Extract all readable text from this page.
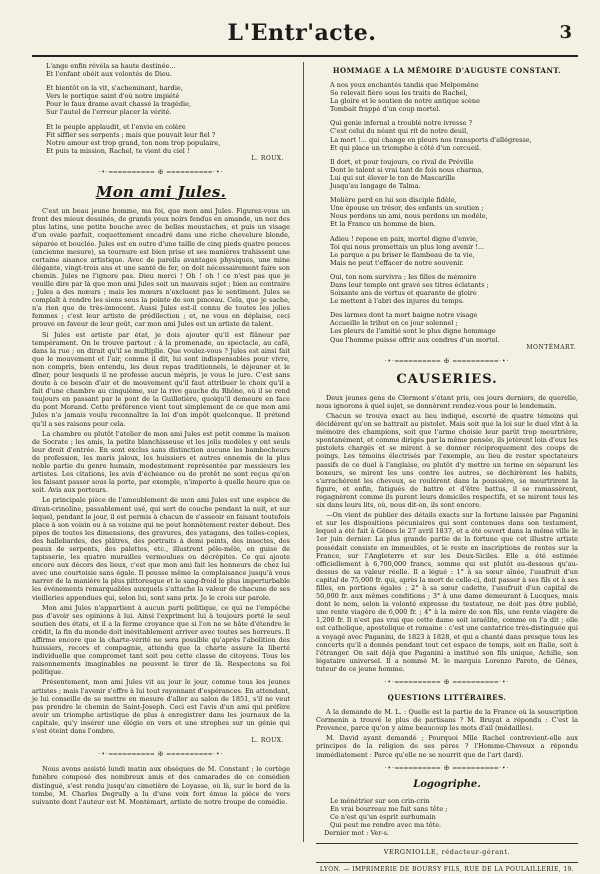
L'Entr'acte.	3
L'ange enfin révéla sa haute destinée...
Et l'enfant obéit aux volontés de Dieu.
Et bientôt on la vit, s'acheminant, hardie,
Vers le portique saint d'où notre impiété
Pour le faux drame avait chassé la tragédie,
Sur l'autel de l'erreur placer la vérité.
Et le peuple applaudit, et l'envie en colère
Fit siffler ses serpents ; mais que pouvait leur fiel ?
Notre amour est trop grand, ton nom trop populaire,
Et puis ta mission, Rachel, te vient du ciel !
L. ROUX.
·•·══════════ ✠ ══════════·•·
Mon ami Jules.

C'est un beau jeune homme, ma foi, que mon ami Jules. Figurez-vous un front des mieux dessinés, de grands yeux noirs fendus en amande, un nez des plus latins, une petite bouche avec de belles moustaches, et puis un visage d'un ovale parfait, coquettement encadré dans une riche chevelure blonde, séparée et bouclée. Jules est en outre d'une taille de cinq pieds quatre pouces (ancienne mesure), sa tournure est bien prise et ses manières trahissent une certaine aisance artistique. Avec de pareils avantages physiques, une mine élégante, vingt-trois ans et une santé de fer, on doit nécessairement faire son chemin. Jules ne l'ignore pas. Dieu merci ! Oh ! oh ! ce n'est pas que je veuille dire par là que mon ami Jules soit un mauvais sujet ; bien au contraire ; Jules a des mœurs ; mais les mœurs n'excluent pas le sentiment. Jules se complaît à rendre les siens sous la pointe de son pinceau. Cela, que je sache, n'a rien que de très-innocent. Aussi Jules est-il connu de toutes les jolies femmes ; c'est leur artiste de prédilection ; et, ne vous en déplaise, ceci prouve en faveur de leur goût, car mon ami Jules est un artiste de talent.

Si Jules est artiste par état, je dois ajouter qu'il est flâneur par tempérament. On le trouve partout : à la promenade, au spectacle, au café, dans la rue ; on dirait qu'il se multiplie. Que voulez-vous ? Jules est ainsi fait que le mouvement et l'air, comme il dit, lui sont indispensables pour vivre, non compris, bien entendu, les deux repas traditionnels, le déjeuner et le dîner, pour lesquels il ne professe aucun mépris, je vous le jure. C'est sans doute à ce besoin d'air et de mouvement qu'il faut attribuer le choix qu'il a fait d'une chambre au cinquième, sur la rive gauche du Rhône, où il se rend toujours en passant par le pont de la Guillotière, quoiqu'il demeure en face du pont Morand. Cette préférence vient tout simplement de ce que mon ami Jules n'a jamais voulu reconnaître la loi d'un impôt quelconque. Il prétend qu'il a ses raisons pour cela.

La chambre ou plutôt l'atelier de mon ami Jules est petit comme la maison de Socrate ; les amis, la petite blanchisseuse et les jolis modèles y ont seuls leur droit d'entrée. En sont exclus sans distinction aucune les bambocheurs de profession, les maris jaloux, les huissiers et autres ennemis de la plus noble partie du genre humain, modestement représentée par messieurs les artistes. Les citations, les avis d'échéance ou de protêt ne sont reçus qu'en les faisant passer sous la porte, par exemple, n'importe à quelle heure que ce soit. Avis aux porteurs.

Le principale pièce de l'ameublement de mon ami Jules est une espèce de divan-crinoline, passablement usé, qui sert de couche pendant la nuit, et sur lequel, pendant le jour, il est permis à chacun de s'asseoir en faisant toutefois place à son voisin ou à sa voisine qui ne peut honnêtement rester debout. Des pipes de toutes les dimensions, des gravures, des yatagans, des toiles-copies, des hallebardes, des plâtres, des portraits à demi peints, des insectes, des peaux de serpents, des palettes, etc., illustrent pêle-mêle, en guise de tapisserie, les quatre murailles vermoulues ou décrépites. Ce qui ajoute encore aux décors des lieux, c'est que mon ami fait les honneurs de chez lui avec une courtoisie sans égale. Il pousse même la complaisance jusqu'à vous narrer de la manière la plus pittoresque et le sang-froid le plus imperturbable les événements remarquables auxquels s'attache la valeur de chacune de ses vieilleries appendues qui, selon lui, sont sans prix. Je le crois sur parole.

Mon ami Jules n'appartient à aucun parti politique, ce qui ne l'empêche pas d'avoir ses opinions à lui. Ainsi l'expriment lui à toujours porté le seul soutien des états, et il a la ferme croyance que si l'on ne se hâte d'étendre le crédit, la fin du monde doit inévitablement arriver avec toutes ses horreurs. Il affirme encore que la charte-vérité ne sera possible qu'après l'abolition des huissiers, recors et compagnie, attendu que la charte assure la liberté individuelle que compromet tant soit peu cette classe de citoyens. Tous les raisonnements imaginables ne peuvent le tirer de là. Respectons sa foi politique.

Présentement, mon ami Jules vit au jour le jour, comme tous les jeunes artistes ; mais l'avenir s'offre à lui tout rayonnant d'espérances. En attendant, je lui conseille de se mettre en mesure d'aller au salon de 1851, s'il ne veut pas prendre le chemin de Saint-Joseph. Ceci est l'avis d'un ami qui préfère avoir un triomphe artistique de plus à enregistrer dans les journaux de la capitale, qu'y insérer une élégie en vers et une strophes sur un génie qui s'est éteint dans l'ombre.

L. ROUX.
·•·══════════ ✠ ══════════·•·

Nous avons assisté lundi matin aux obsèques de M. Constant ; le cortège funèbre composé des nombreux amis et des camarades de ce comédien distingué, s'est rendu jusqu'au cimetière de Loyasse, où là, sur le bord de la tombe, M. Charles Degrully a lu d'une voix fort émue la pièce de vers suivante dont l'auteur est M. Montémart, artiste de notre troupe de comédie.

HOMMAGE A LA MÉMOIRE D'AUGUSTE CONSTANT.
A nos yeux enchantés tandis que Melpomène
Se relevait fière sous les traits de Rachel,
La gloire et le soutien de notre antique scène
Tombait frappé d'un coup mortel.
Qui genie infernal a troublé notre ivresse ?
C'est celui du néant qui rit de notre deuil,
La mort !... qui change en pleurs nos transports d'allégresse,
Et qui place un triomphe à côté d'un cercueil.
Il dort, et pour toujours, ce rival de Préville
Dont le talent si vrai tant de fois nous charma,
Lui qui sut élever le ton de Mascarille
Jusqu'au langage de Talma.
Molière perd en lui son disciple fidèle,
Une épouse un trésor, des enfants un soutien ;
Nous perdons un ami, nous perdons un modèle,
Et la France un homme de bien.
Adieu ! repose en paix, mortel digne d'envie,
Toi qui nous promettais un plus long avenir !...
Le parque a pu briser le flambeau de ta vie,
Mais ne peut t'effacer de notre souvenir.
Oui, ton nom survivra ; les filles de mémoire
Dans leur temple ont gravé ses titres éclatants ;
Soixante ans de vertus et quarante de gloire
Le mettent à l'abri des injures du temps.
Des larmes dont ta mort baigne notre visage
Accueille le tribut en ce jour solennel ;
Les pleurs de l'amitié sont le plus digne hommage
Que l'homme puisse offrir aux cendres d'un mortel.
MONTÉMART.
·•·══════════ ✠ ══════════·•·
CAUSERIES.

Deux jeunes gens de Clermont s'étant pris, ces jours derniers, de querelle, nous ignorons à quel sujet, se donnèrent rendez-vous pour le lendemain.

Chacun se trouva exact au lieu indiqué, escorté de quatre témoins qui décidèrent qu'on se battrait au pistolet. Mais soit que la loi sur le duel vînt à la mémoire des champions, soit que l'arme choisie leur parût trop meurtrière, spontanément, et comme dirigés par la même pensée, ils jetèrent loin d'eux les pistolets chargés et se mirent à se donner réciproquement des coups de poings. Les témoins électrisés par l'exemple, au lieu de rester spectateurs passifs de ce duel à l'anglaise, ou plutôt d'y mettre un terme en séparant les boxeurs, se mirent les uns contre les autres, se déchirèrent les habits, s'arrachèrent les cheveux, se roulèrent dans la poussière, se meurtrirent la figure, et enfin, fatigués de battre et d'être battus, il se ramassèrent, regagnèrent comme ils purent leurs domiciles respectifs, et se mirent tous les six dans leurs lits, où, nous dit-on, ils sont encore.

—On vient de publier des détails exacts sur la fortune laissée par Paganini et sur les dispositions pécuniaires qui sont contenues dans son testament, lequel a été fait à Gênes le 27 avril 1837, et a été ouvert dans la même ville le 1er juin dernier. La plus grande partie de la fortune que cet illustre artiste possédait consiste en immeubles, et le reste en inscriptions de rentes sur la France, sur l'Angleterre et sur les Deux-Siciles. Elle a été estimée officiellement à 6,700,000 francs, somme qui est plutôt au-dessous qu'au-dessus de sa valeur réelle. Il a légué : 1° à sa sœur aînée, l'usufruit d'un capital de 75,000 fr. qui, après la mort de celle-ci, doit passer à ses fils et à ses filles, en portions égales ; 2° à sa sœur cadette, l'usufruit d'un capital de 50,000 fr. aux mêmes conditions ; 3° à une dame demeurant à Lucques, mais dont le nom, selon la volonté expresse du testateur, ne doit pas être publié, une rente viagère de 6,000 fr. ; 4° à la mère de son fils, une rente viagère de 1,200 fr. Il n'est pas vrai que cette dame soit israélite, comme on l'a dit ; elle est catholique, apostolique et romaine : c'est une cantatrice très-distinguée qui a voyagé avec Paganini, de 1823 à 1828, et qui a chanté dans presque tous les concerts qu'il a donnés pendant tout cet espace de temps, soit en Italie, soit à l'étranger. On sait déjà que Paganini a institué son fils unique, Achille, son légataire universel. Il a nommé M. le marquis Lorenzo Pareto, de Gênes, tuteur de ce jeune homme.

·•·══════════ ✠ ══════════·•·
QUESTIONS LITTÉRAIRES.

A la demande de M. L. : Quelle est la partie de la France où la souscription Cormenin a trouvé le plus de partisans ? M. Bruyat a répondu : C'est la Provence, parce qu'on y aime beaucoup les mots d'ail (médailles).

M. David ayant demandé ; Pourquoi Mlle Rachel contrevient-elle aux principes de la religion de ses pères ? l'Homme-Cheveux a répondu immédiatement : Parce qu'elle ne se nourrit que de l'art (lard).

·•·══════════ ✠ ══════════·•·
Logogriphe.
Le ménétrier sur son crin-crin
En vrai bourreau me fait sans tête ;
Ce n'est qu'un esprit surhumain
Qui peut me rendre avec ma tête.
Dernier mot : Ver-s.
VERGNIOLLE, rédacteur-gérant.
LYON. — IMPRIMERIE DE BOURSY FILS, RUE DE LA POULAILLERIE, 19.
